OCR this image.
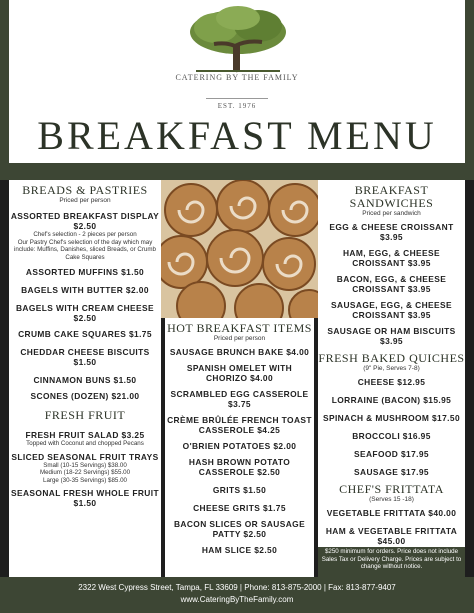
CATERING BY THE FAMILY
EST. 1976
BREAKFAST MENU
BREADS & PASTRIES
Priced per person
ASSORTED BREAKFAST DISPLAY $2.50
Chef's selection - 2 pieces per person
Our Pastry Chef's selection of the day which may include: Muffins, Danishes, sliced Breads, or Crumb Cake Squares
ASSORTED MUFFINS $1.50
BAGELS WITH BUTTER $2.00
BAGELS WITH CREAM CHEESE $2.50
CRUMB CAKE SQUARES $1.75
CHEDDAR CHEESE BISCUITS $1.50
CINNAMON BUNS $1.50
SCONES (DOZEN) $21.00
FRESH FRUIT
FRESH FRUIT SALAD $3.25
Topped with Coconut and chopped Pecans
SLICED SEASONAL FRUIT TRAYS
Small (10-15 Servings) $38.00
Medium (18-22 Servings) $55.00
Large (30-35 Servings) $85.00
SEASONAL FRESH WHOLE FRUIT $1.50
HOT BREAKFAST ITEMS
Priced per person
SAUSAGE BRUNCH BAKE $4.00
SPANISH OMELET WITH CHORIZO $4.00
SCRAMBLED EGG CASSEROLE $3.75
CRÈME BRÛLÉE FRENCH TOAST CASSEROLE $4.25
O'BRIEN POTATOES $2.00
HASH BROWN POTATO CASSEROLE $2.50
GRITS $1.50
CHEESE GRITS $1.75
BACON SLICES OR SAUSAGE PATTY $2.50
HAM SLICE $2.50
BREAKFAST SANDWICHES
Priced per sandwich
EGG & CHEESE CROISSANT $3.95
HAM, EGG, & CHEESE CROISSANT $3.95
BACON, EGG, & CHEESE CROISSANT $3.95
SAUSAGE, EGG, & CHEESE CROISSANT $3.95
SAUSAGE OR HAM BISCUITS $3.95
FRESH BAKED QUICHES
(9" Pie, Serves 7-8)
CHEESE $12.95
LORRAINE (BACON) $15.95
SPINACH & MUSHROOM $17.50
BROCCOLI $16.95
SEAFOOD $17.95
SAUSAGE $17.95
CHEF'S FRITTATA
(Serves 15 -18)
VEGETABLE FRITTATA $40.00
HAM & VEGETABLE FRITTATA $45.00
$250 minimum for orders. Price does not include Sales Tax or Delivery Charge. Prices are subject to change without notice.
2322 West Cypress Street, Tampa, FL 33609 | Phone: 813-875-2000 | Fax: 813-877-9407
www.CateringByTheFamily.com
